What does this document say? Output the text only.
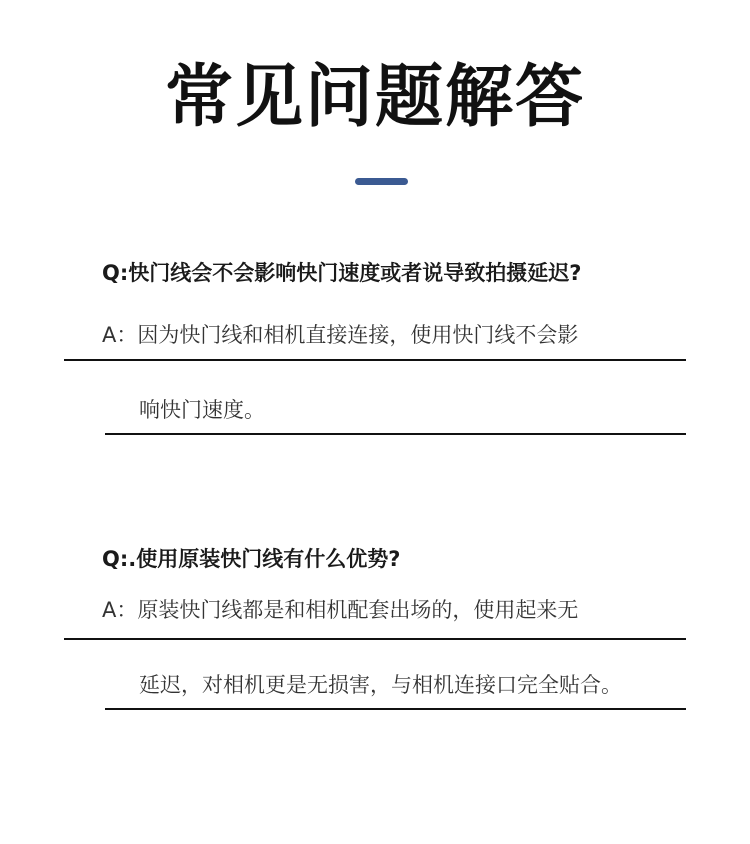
常见问题解答
Q:快门线会不会影响快门速度或者说导致拍摄延迟?
A：因为快门线和相机直接连接，使用快门线不会影
响快门速度。
Q:.使用原装快门线有什么优势?
A：原装快门线都是和相机配套出场的，使用起来无
延迟，对相机更是无损害，与相机连接口完全贴合。
